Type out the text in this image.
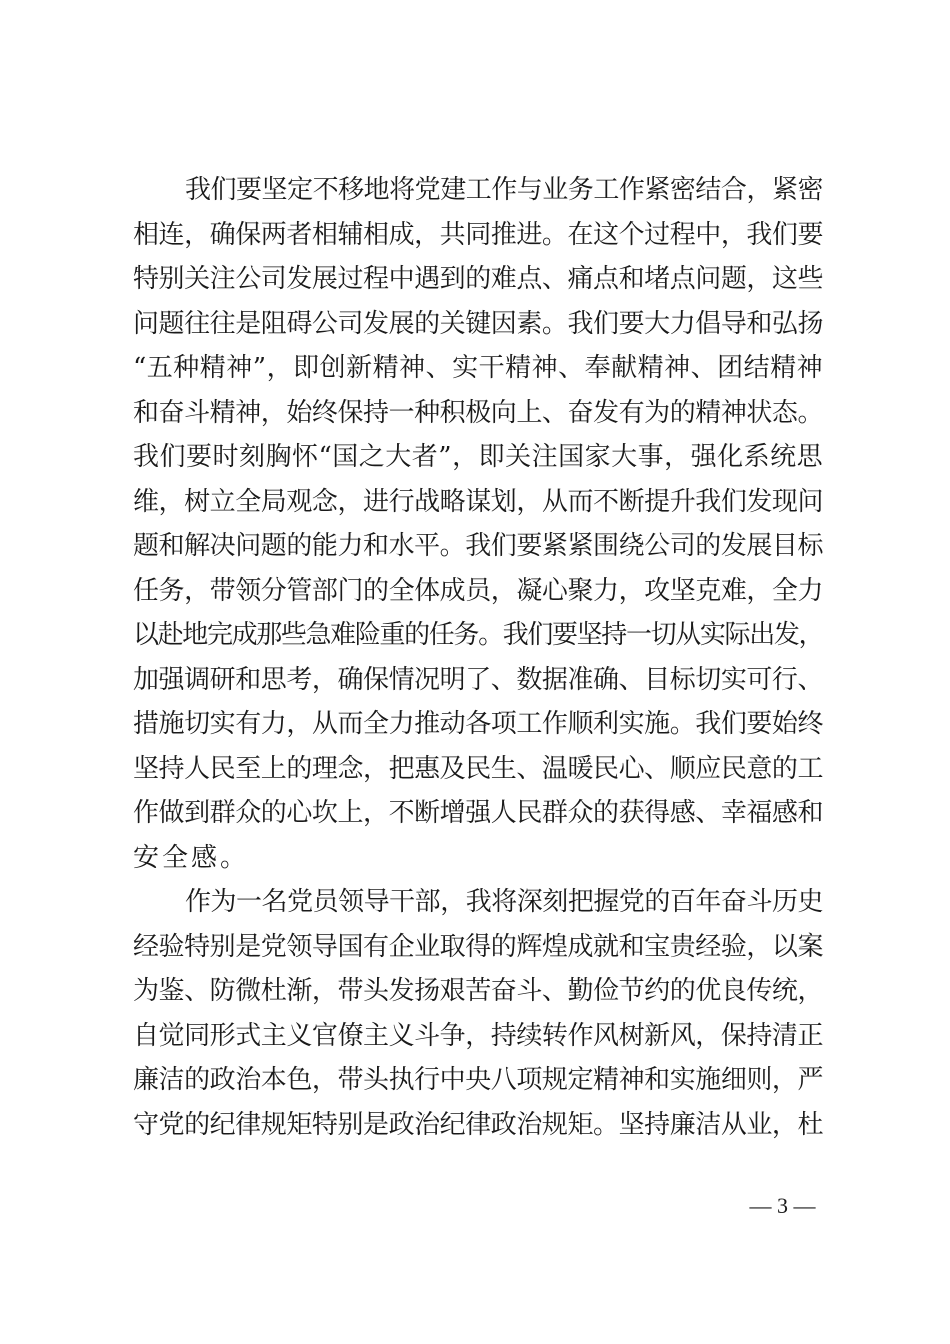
我们要坚定不移地将党建工作与业务工作紧密结合，紧密
相连，确保两者相辅相成，共同推进。在这个过程中，我们要
特别关注公司发展过程中遇到的难点、痛点和堵点问题，这些
问题往往是阻碍公司发展的关键因素。我们要大力倡导和弘扬
“五种精神”，即创新精神、实干精神、奉献精神、团结精神
和奋斗精神，始终保持一种积极向上、奋发有为的精神状态。
我们要时刻胸怀“国之大者”，即关注国家大事，强化系统思
维，树立全局观念，进行战略谋划，从而不断提升我们发现问
题和解决问题的能力和水平。我们要紧紧围绕公司的发展目标
任务，带领分管部门的全体成员，凝心聚力，攻坚克难，全力
以赴地完成那些急难险重的任务。我们要坚持一切从实际出发，
加强调研和思考，确保情况明了、数据准确、目标切实可行、
措施切实有力，从而全力推动各项工作顺利实施。我们要始终
坚持人民至上的理念，把惠及民生、温暖民心、顺应民意的工
作做到群众的心坎上，不断增强人民群众的获得感、幸福感和
安全感。
作为一名党员领导干部，我将深刻把握党的百年奋斗历史
经验特别是党领导国有企业取得的辉煌成就和宝贵经验，以案
为鉴、防微杜渐，带头发扬艰苦奋斗、勤俭节约的优良传统，
自觉同形式主义官僚主义斗争，持续转作风树新风，保持清正
廉洁的政治本色，带头执行中央八项规定精神和实施细则，严
守党的纪律规矩特别是政治纪律政治规矩。坚持廉洁从业，杜
— 3 —
